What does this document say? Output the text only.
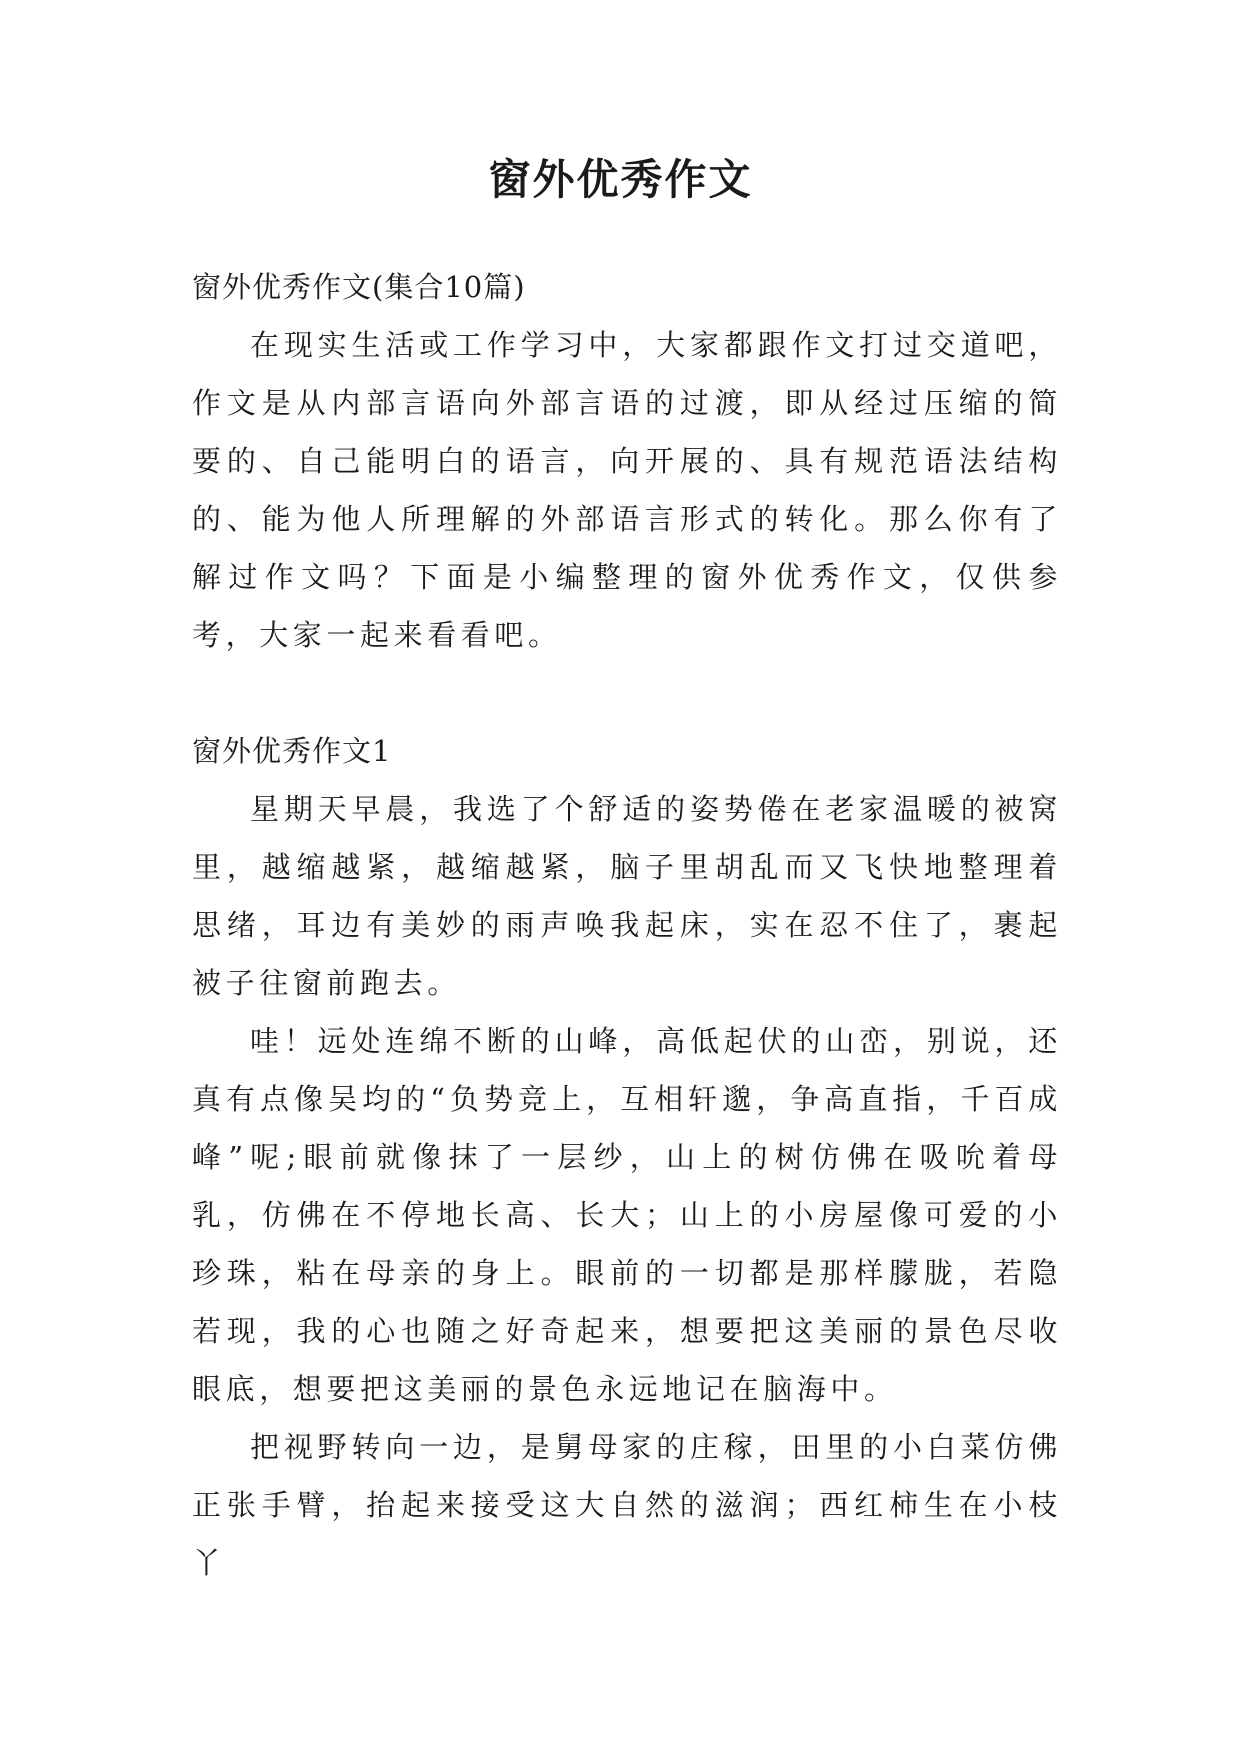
窗外优秀作文

窗外优秀作文(集合10篇)

在现实生活或工作学习中，大家都跟作文打过交道吧，作文是从内部言语向外部言语的过渡，即从经过压缩的简要的、自己能明白的语言，向开展的、具有规范语法结构的、能为他人所理解的外部语言形式的转化。那么你有了解过作文吗？下面是小编整理的窗外优秀作文，仅供参考，大家一起来看看吧。

窗外优秀作文1

星期天早晨，我选了个舒适的姿势倦在老家温暖的被窝里，越缩越紧，越缩越紧，脑子里胡乱而又飞快地整理着思绪，耳边有美妙的雨声唤我起床，实在忍不住了，裹起被子往窗前跑去。

哇！远处连绵不断的山峰，高低起伏的山峦，别说，还真有点像吴均的“负势竞上，互相轩邈，争高直指，千百成峰”呢;眼前就像抹了一层纱，山上的树仿佛在吸吮着母乳，仿佛在不停地长高、长大；山上的小房屋像可爱的小珍珠，粘在母亲的身上。眼前的一切都是那样朦胧，若隐若现，我的心也随之好奇起来，想要把这美丽的景色尽收眼底，想要把这美丽的景色永远地记在脑海中。

把视野转向一边，是舅母家的庄稼，田里的小白菜仿佛正张手臂，抬起来接受这大自然的滋润；西红柿生在小枝丫
